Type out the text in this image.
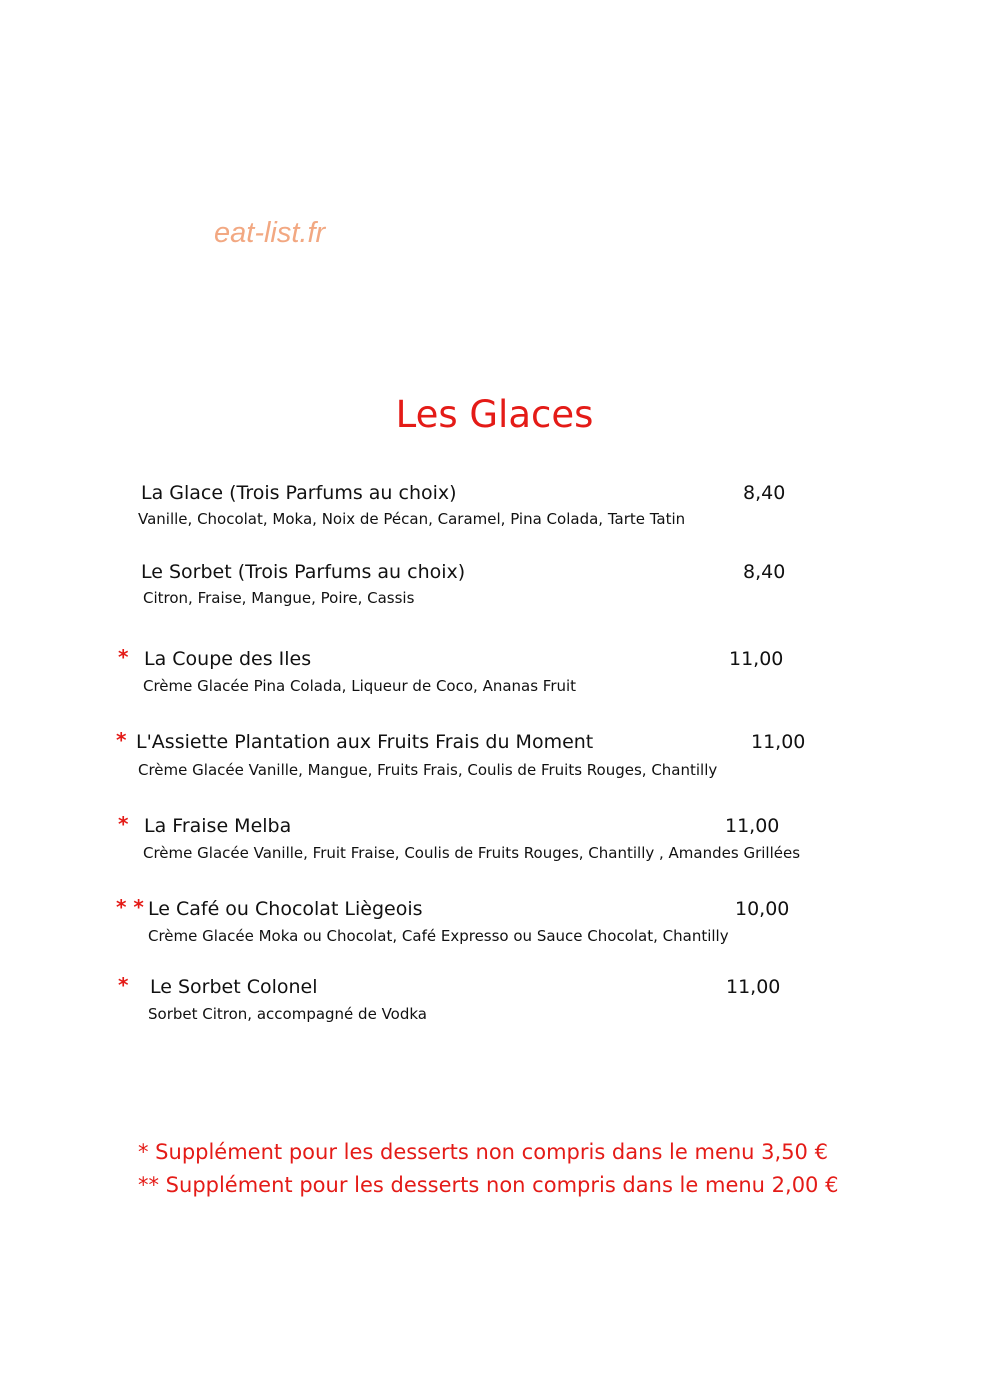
eat-list.fr
Les Glaces
La Glace (Trois Parfums au choix)	8,40
Vanille, Chocolat, Moka, Noix de Pécan, Caramel, Pina Colada, Tarte Tatin
Le Sorbet (Trois Parfums au choix)	8,40
Citron, Fraise, Mangue, Poire, Cassis
* La Coupe des Iles	11,00
Crème Glacée Pina Colada, Liqueur de Coco, Ananas Fruit
* L'Assiette Plantation aux Fruits Frais du Moment	11,00
Crème Glacée Vanille, Mangue, Fruits Frais, Coulis de Fruits Rouges, Chantilly
* La Fraise Melba	11,00
Crème Glacée Vanille, Fruit Fraise, Coulis de Fruits Rouges, Chantilly , Amandes Grillées
* * Le Café ou Chocolat Liègeois	10,00
Crème Glacée Moka ou Chocolat, Café Expresso ou Sauce Chocolat, Chantilly
* Le Sorbet Colonel	11,00
Sorbet Citron, accompagné de Vodka
* Supplément pour les desserts non compris dans le menu 3,50 €
** Supplément pour les desserts non compris dans le menu 2,00 €
